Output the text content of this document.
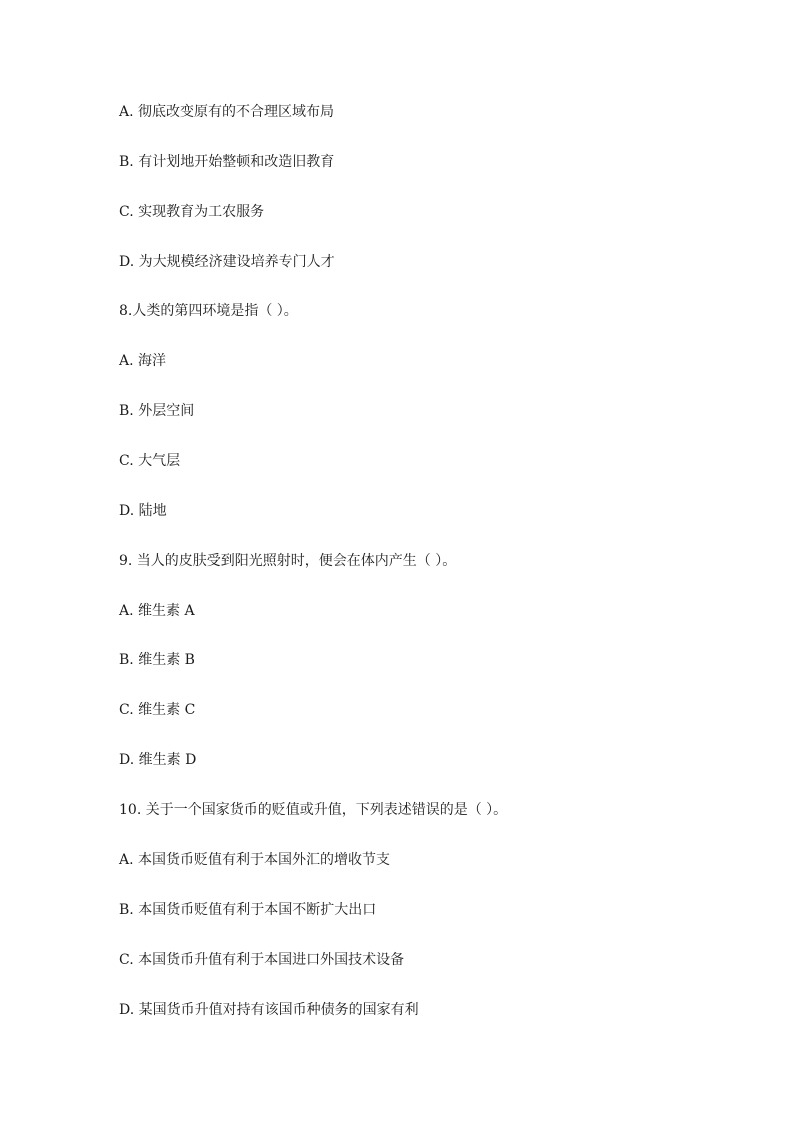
A. 彻底改变原有的不合理区域布局
B. 有计划地开始整顿和改造旧教育
C. 实现教育为工农服务
D. 为大规模经济建设培养专门人才
8.人类的第四环境是指（ ）。
A. 海洋
B. 外层空间
C. 大气层
D. 陆地
9. 当人的皮肤受到阳光照射时，便会在体内产生（ ）。
A. 维生素 A
B. 维生素 B
C. 维生素 C
D. 维生素 D
10. 关于一个国家货币的贬值或升值，下列表述错误的是（ ）。
A. 本国货币贬值有利于本国外汇的增收节支
B. 本国货币贬值有利于本国不断扩大出口
C. 本国货币升值有利于本国进口外国技术设备
D. 某国货币升值对持有该国币种债务的国家有利
